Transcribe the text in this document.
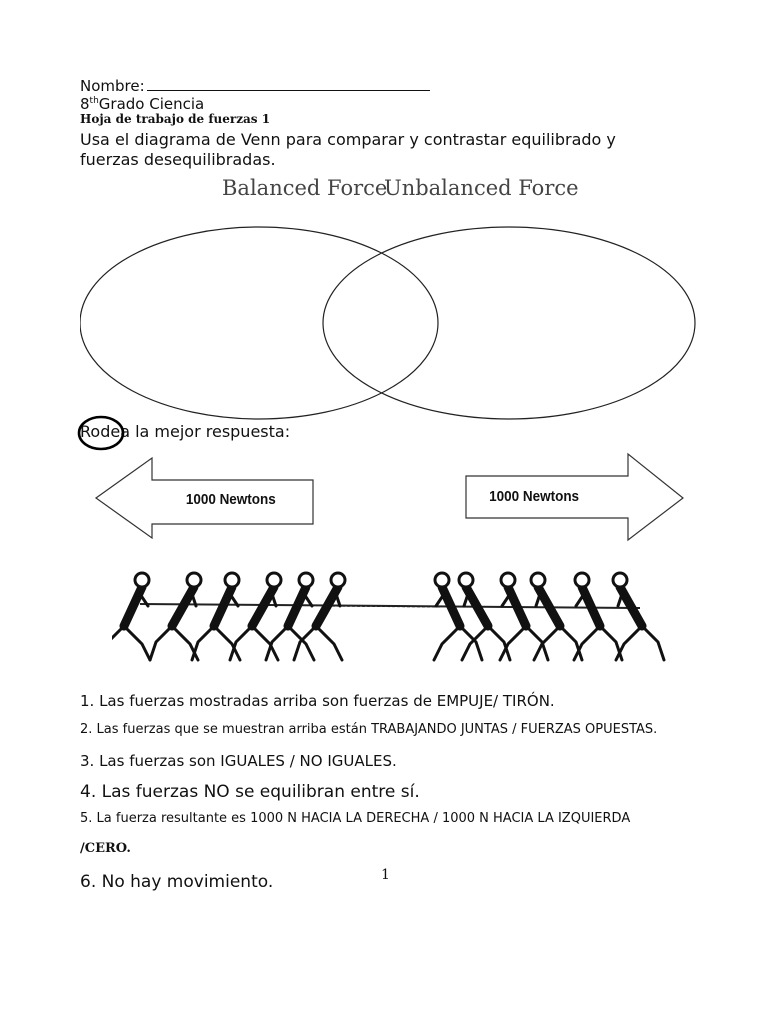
Nombre:
8thGrado Ciencia
Hoja de trabajo de fuerzas 1
Usa el diagrama de Venn para comparar y contrastar equilibrado y fuerzas desequilibradas.
Balanced Force
Unbalanced Force
Rodea la mejor respuesta:
1000 Newtons	1000 Newtons
1. Las fuerzas mostradas arriba son fuerzas de EMPUJE/ TIRÓN.
2. Las fuerzas que se muestran arriba están TRABAJANDO JUNTAS / FUERZAS OPUESTAS.
3. Las fuerzas son IGUALES / NO IGUALES.
4. Las fuerzas NO se equilibran entre sí.
5. La fuerza resultante es 1000 N HACIA LA DERECHA / 1000 N HACIA LA IZQUIERDA
/CERO.
6. No hay movimiento.	1
